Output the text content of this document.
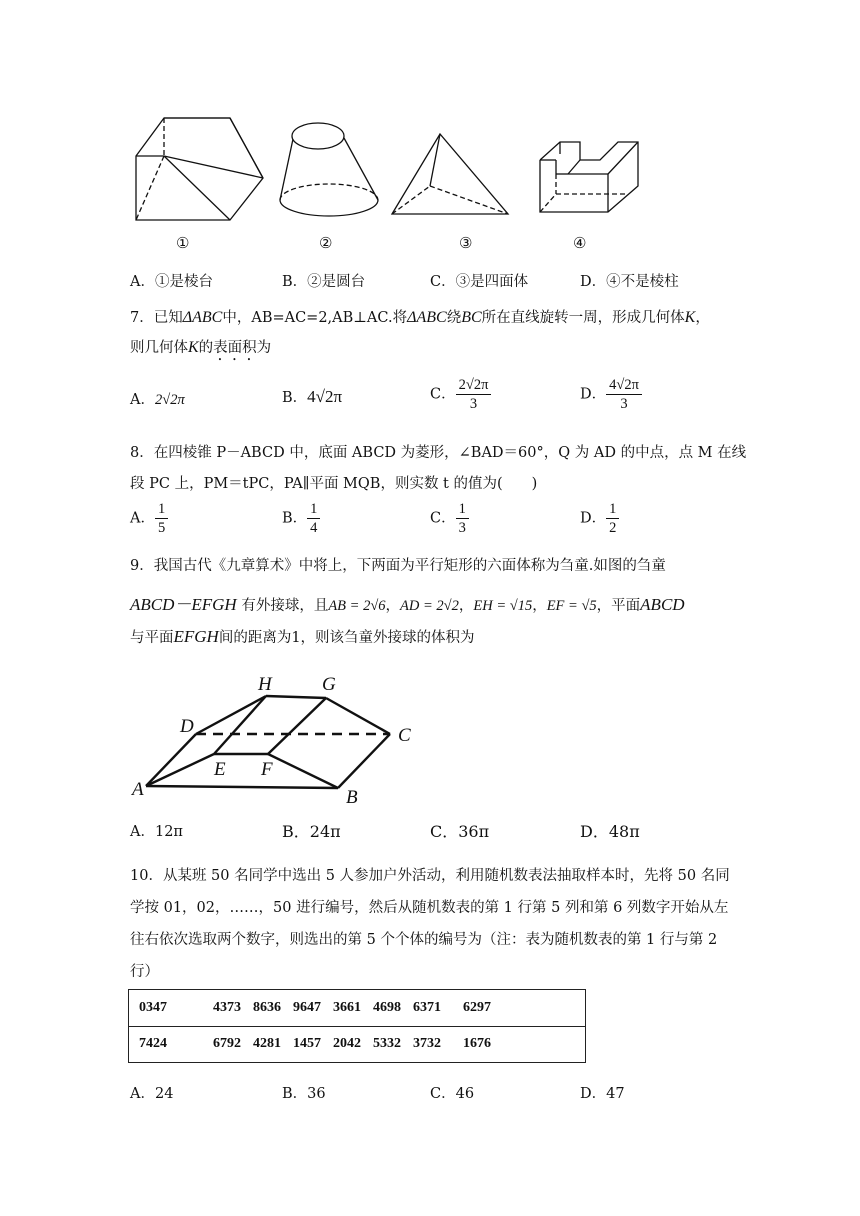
①	②	③	④
A．①是棱台	B．②是圆台	C．③是四面体	D．④不是棱柱
7．已知ΔABC中，AB=AC=2,AB⊥AC.将ΔABC绕BC所在直线旋转一周，形成几何体K，
则几何体K的表面积为
A．2√2π	B．4√2π	C． $\frac{2√2\pi}{3}$	D． $\frac{4√2\pi}{3}$
8．在四棱锥 P－ABCD 中，底面 ABCD 为菱形，∠BAD＝60°，Q 为 AD 的中点，点 M 在线
段 PC 上，PM＝tPC，PA∥平面 MQB，则实数 t 的值为(　　)
A． $\frac{1}{5}$	B． $\frac{1}{4}$	C． $\frac{1}{3}$	D． $\frac{1}{2}$
9．我国古代《九章算术》中将上，下两面为平行矩形的六面体称为刍童.如图的刍童
ABCD－EFGH 有外接球，且AB = 2√6，AD = 2√2，EH = √15，EF = √5，平面ABCD
与平面EFGH间的距离为1，则该刍童外接球的体积为
H	G
D	C
E F
A	B
A．12π	B．24π	C．36π	D．48π
10．从某班 50 名同学中选出 5 人参加户外活动，利用随机数表法抽取样本时，先将 50 名同
学按 01，02，……，50 进行编号，然后从随机数表的第 1 行第 5 列和第 6 列数字开始从左
往右依次选取两个数字，则选出的第 5 个个体的编号为（注：表为随机数表的第 1 行与第 2
行）
0347	4373 8636 9647 3661 4698 6371 6297
7424	6792 4281 1457 2042 5332 3732 1676
A．24	B．36	C．46	D．47
